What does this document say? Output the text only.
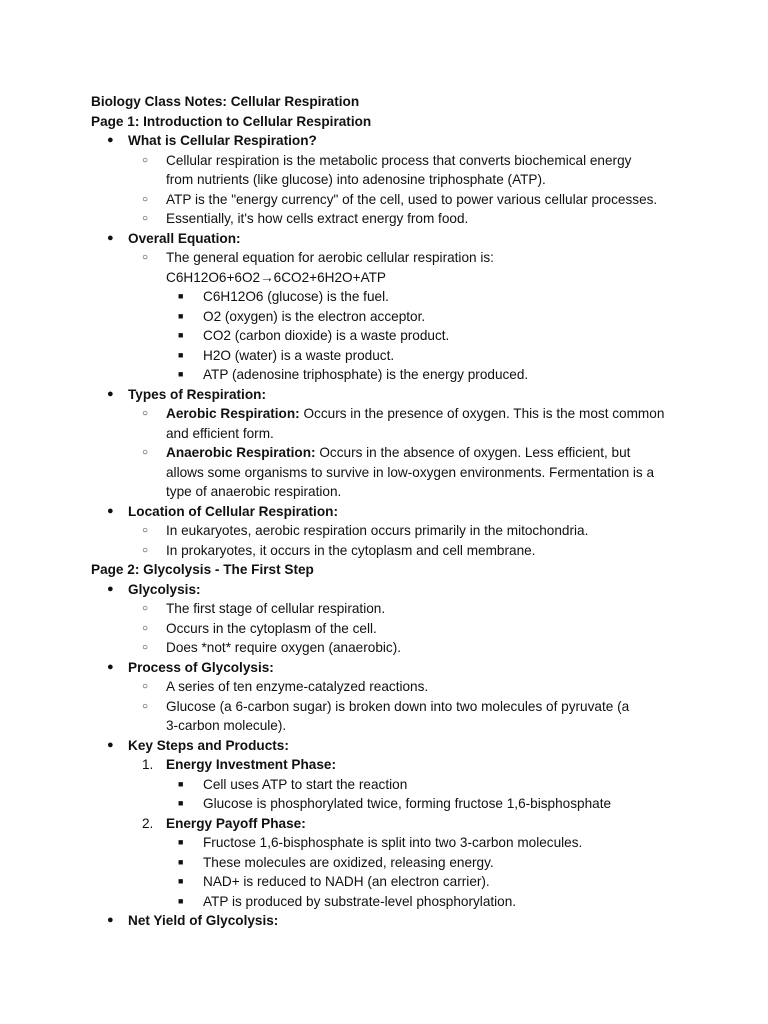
Biology Class Notes: Cellular Respiration
Page 1: Introduction to Cellular Respiration
● What is Cellular Respiration?
○ Cellular respiration is the metabolic process that converts biochemical energy
from nutrients (like glucose) into adenosine triphosphate (ATP).
○ ATP is the "energy currency" of the cell, used to power various cellular processes.
○ Essentially, it's how cells extract energy from food.
● Overall Equation:
○ The general equation for aerobic cellular respiration is:
C6H12O6+6O2→6CO2+6H2O+ATP
■	C6H12O6 (glucose) is the fuel.
■	O2 (oxygen) is the electron acceptor.
■	CO2 (carbon dioxide) is a waste product.
■	H2O (water) is a waste product.
■	ATP (adenosine triphosphate) is the energy produced.
● Types of Respiration:
○ Aerobic Respiration: Occurs in the presence of oxygen. This is the most common
and efficient form.
○ Anaerobic Respiration: Occurs in the absence of oxygen. Less efficient, but
allows some organisms to survive in low-oxygen environments. Fermentation is a
type of anaerobic respiration.
● Location of Cellular Respiration:
○ In eukaryotes, aerobic respiration occurs primarily in the mitochondria.
○ In prokaryotes, it occurs in the cytoplasm and cell membrane.
Page 2: Glycolysis - The First Step
● Glycolysis:
○ The first stage of cellular respiration.
○ Occurs in the cytoplasm of the cell.
○ Does *not* require oxygen (anaerobic).
● Process of Glycolysis:
○ A series of ten enzyme-catalyzed reactions.
○ Glucose (a 6-carbon sugar) is broken down into two molecules of pyruvate (a
3-carbon molecule).
● Key Steps and Products:
1. Energy Investment Phase:
■	Cell uses ATP to start the reaction
■	Glucose is phosphorylated twice, forming fructose 1,6-bisphosphate
2. Energy Payoff Phase:
■	Fructose 1,6-bisphosphate is split into two 3-carbon molecules.
■	These molecules are oxidized, releasing energy.
■	NAD+ is reduced to NADH (an electron carrier).
■	ATP is produced by substrate-level phosphorylation.
● Net Yield of Glycolysis:
